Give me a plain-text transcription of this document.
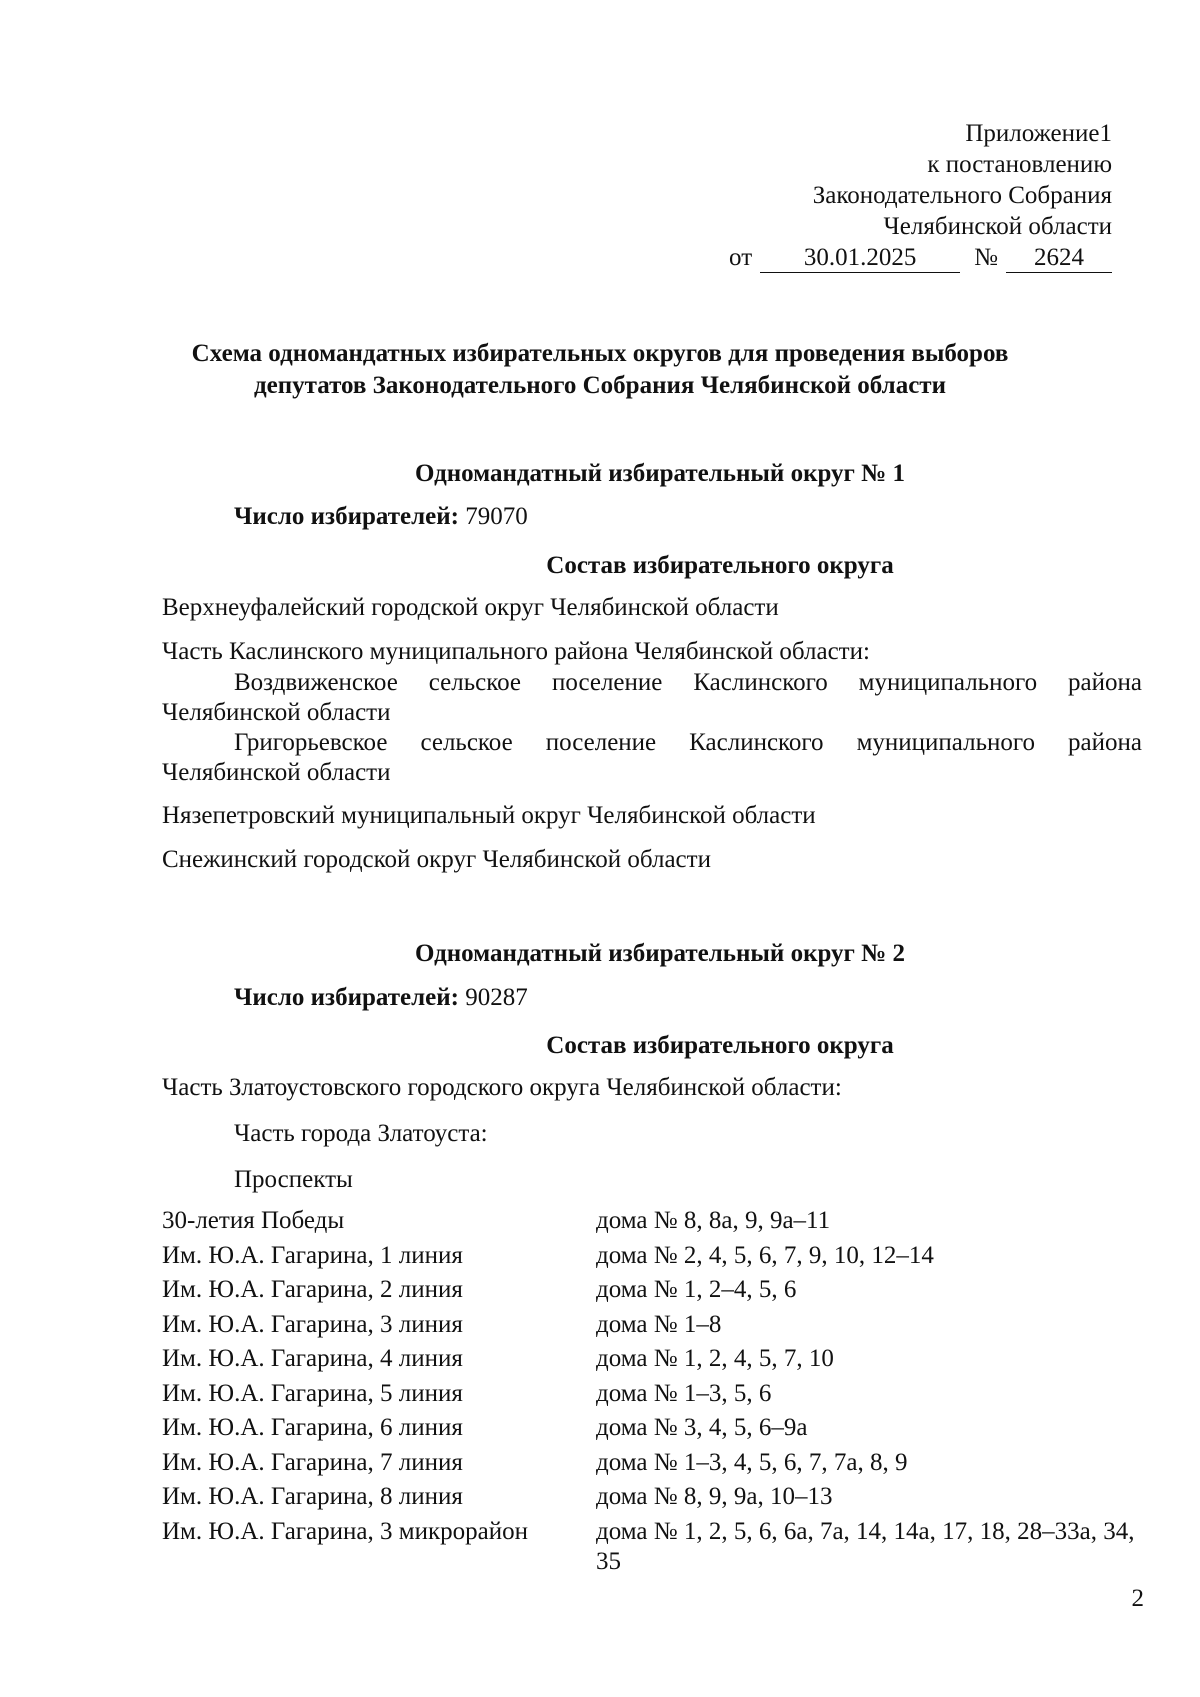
Приложение1
к постановлению
Законодательного Собрания
Челябинской области
от 30.01.2025 № 2624
Схема одномандатных избирательных округов для проведения выборов
депутатов Законодательного Собрания Челябинской области
Одномандатный избирательный округ № 1
Число избирателей: 79070
Состав избирательного округа
Верхнеуфалейский городской округ Челябинской области
Часть Каслинского муниципального района Челябинской области:
Воздвиженское сельское поселение Каслинского муниципального района Челябинской области
Григорьевское сельское поселение Каслинского муниципального района Челябинской области
Нязепетровский муниципальный округ Челябинской области
Снежинский городской округ Челябинской области
Одномандатный избирательный округ № 2
Число избирателей: 90287
Состав избирательного округа
Часть Златоустовского городского округа Челябинской области:
Часть города Златоуста:
Проспекты
30-летия Победы	дома № 8, 8а, 9, 9а–11
Им. Ю.А. Гагарина, 1 линия	дома № 2, 4, 5, 6, 7, 9, 10, 12–14
Им. Ю.А. Гагарина, 2 линия	дома № 1, 2–4, 5, 6
Им. Ю.А. Гагарина, 3 линия	дома № 1–8
Им. Ю.А. Гагарина, 4 линия	дома № 1, 2, 4, 5, 7, 10
Им. Ю.А. Гагарина, 5 линия	дома № 1–3, 5, 6
Им. Ю.А. Гагарина, 6 линия	дома № 3, 4, 5, 6–9а
Им. Ю.А. Гагарина, 7 линия	дома № 1–3, 4, 5, 6, 7, 7а, 8, 9
Им. Ю.А. Гагарина, 8 линия	дома № 8, 9, 9а, 10–13
Им. Ю.А. Гагарина, 3 микрорайон	дома № 1, 2, 5, 6, 6а, 7а, 14, 14а, 17, 18, 28–33а, 34, 35
2
